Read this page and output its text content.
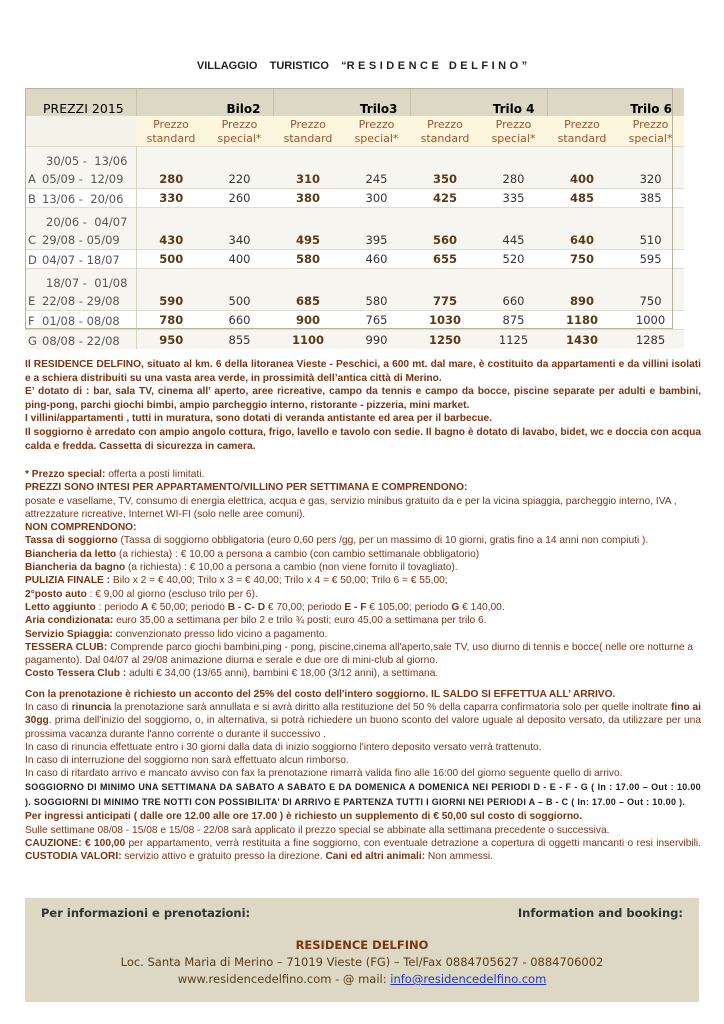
VILLAGGIO    TURISTICO    “RESIDENCE DELFINO”
PREZZI 2015	Bilo2		Trilo3		Trilo 4		Trilo 6	
	Prezzo standard	Prezzo special*	Prezzo standard	Prezzo special*	Prezzo standard	Prezzo special*	Prezzo standard	Prezzo special*

30/05 -  13/06
A 05/09 -  12/09	280	220	310	245	350	280	400	320

B 13/06 -  20/06	330	260	380	300	425	335	485	385

20/06 -  04/07
C 29/08 - 05/09	430	340	495	395	560	445	640	510

D 04/07 - 18/07	500	400	580	460	655	520	750	595

18/07 -  01/08
E 22/08 - 29/08	590	500	685	580	775	660	890	750

F 01/08 - 08/08	780	660	900	765	1030	875	1180	1000

G 08/08 - 22/08	950	855	1100	990	1250	1125	1430	1285
Il RESIDENCE DELFINO, situato al km. 6 della litoranea Vieste - Peschici, a 600 mt. dal mare, è costituito da appartamenti e da villini isolati e a schiera distribuiti su una vasta area verde, in prossimità dell’antica città di Merino.
E’ dotato di : bar, sala TV, cinema all’ aperto, aree ricreative, campo da tennis e campo da bocce, piscine separate per adulti e bambini, ping-pong, parchi giochi bimbi, ampio parcheggio interno, ristorante - pizzeria, mini market.
I villini/appartamenti , tutti in muratura, sono dotati di veranda antistante ed area per il barbecue.
Il soggiorno è arredato con ampio angolo cottura, frigo, lavello e tavolo con sedie. Il bagno è dotato di lavabo, bidet, wc e doccia con acqua calda e fredda. Cassetta di sicurezza in camera.
* Prezzo special: offerta a posti limitati.
PREZZI SONO INTESI PER APPARTAMENTO/VILLINO PER SETTIMANA E COMPRENDONO:
posate e vasellame, TV, consumo di energia elettrica, acqua e gas, servizio minibus gratuito da e per la vicina spiaggia, parcheggio interno, IVA , attrezzature ricreative, Internet WI-FI (solo nelle aree comuni).
NON COMPRENDONO:
Tassa di soggiorno (Tassa di soggiorno obbligatoria (euro 0,60 pers /gg, per un massimo di 10 giorni, gratis fino a 14 anni non compiuti ).
Biancheria da letto (a richiesta) : € 10,00 a persona a cambio (con cambio settimanale obbligatorio)
Biancheria da bagno (a richiesta) : € 10,00 a persona a cambio (non viene fornito il tovagliato).
PULIZIA FINALE : Bilo x 2 = € 40,00; Trilo x 3 = € 40,00; Trilo x 4 = € 50,00; Trilo 6 = € 55,00;
2°posto auto : € 9,00 al giorno (escluso trilo per 6).
Letto aggiunto : periodo A € 50,00; periodo B - C- D € 70,00; periodo E - F € 105,00; periodo G € 140,00.
Aria condizionata: euro 35,00 a settimana per bilo 2 e trilo ¾ posti; euro 45,00 a settimana per trilo 6.
Servizio Spiaggia: convenzionato presso lido vicino a pagamento.
TESSERA CLUB: Comprende parco giochi bambini,ping - pong, piscine,cinema all'aperto,sale TV, uso diurno di tennis e bocce( nelle ore notturne a pagamento). Dal 04/07 al 29/08 animazione diurna e serale e due ore di mini-club al giorno.
Costo Tessera Club : adulti € 34,00 (13/65 anni), bambini € 18,00 (3/12 anni), a settimana.
Con la prenotazione è richiesto un acconto del 25% del costo dell'intero soggiorno. IL SALDO SI EFFETTUA ALL’ ARRIVO.
In caso di rinuncia la prenotazione sarà annullata e si avrà diritto alla restituzione del 50 % della caparra confirmatoria solo per quelle inoltrate fino ai 30gg. prima dell'inizio del soggiorno, o, in alternativa, si potrà richiedere un buono sconto del valore uguale al deposito versato, da utilizzare per una prossima vacanza durante l'anno corrente o durante il successivo .
In caso di rinuncia effettuate entro i 30 giorni dalla data di inizio soggiorno l'intero deposito versato verrà trattenuto.
In caso di interruzione del soggiorno non sarà effettuato alcun rimborso.
In caso di ritardato arrivo e mancato avviso con fax la prenotazione rimarrà valida fino alle 16:00 del giorno seguente quello di arrivo.
SOGGIORNO DI MINIMO UNA SETTIMANA DA SABATO A SABATO E DA DOMENICA A DOMENICA NEI PERIODI D - E - F - G ( In : 17.00 – Out : 10.00 ). SOGGIORNI DI MINIMO TRE NOTTI CON POSSIBILITA’ DI ARRIVO E PARTENZA TUTTI I GIORNI NEI PERIODI A – B - C ( In: 17.00 – Out : 10.00 ).
Per ingressi anticipati ( dalle ore 12.00 alle ore 17.00 ) è richiesto un supplemento di € 50,00 sul costo di soggiorno.
Sulle settimane 08/08 - 15/08 e 15/08 - 22/08 sarà applicato il prezzo special se abbinate alla settimana precedente o successiva.
CAUZIONE: € 100,00 per appartamento, verrà restituita a fine soggiorno, con eventuale detrazione a copertura di oggetti mancanti o resi inservibili. CUSTODIA VALORI: servizio attivo e gratuito presso la direzione. Cani ed altri animali: Non ammessi.
Per informazioni e prenotazioni:	Information and booking:
RESIDENCE DELFINO
Loc. Santa Maria di Merino – 71019 Vieste (FG) – Tel/Fax 0884705627 - 0884706002
www.residencedelfino.com - @ mail: info@residencedelfino.com
